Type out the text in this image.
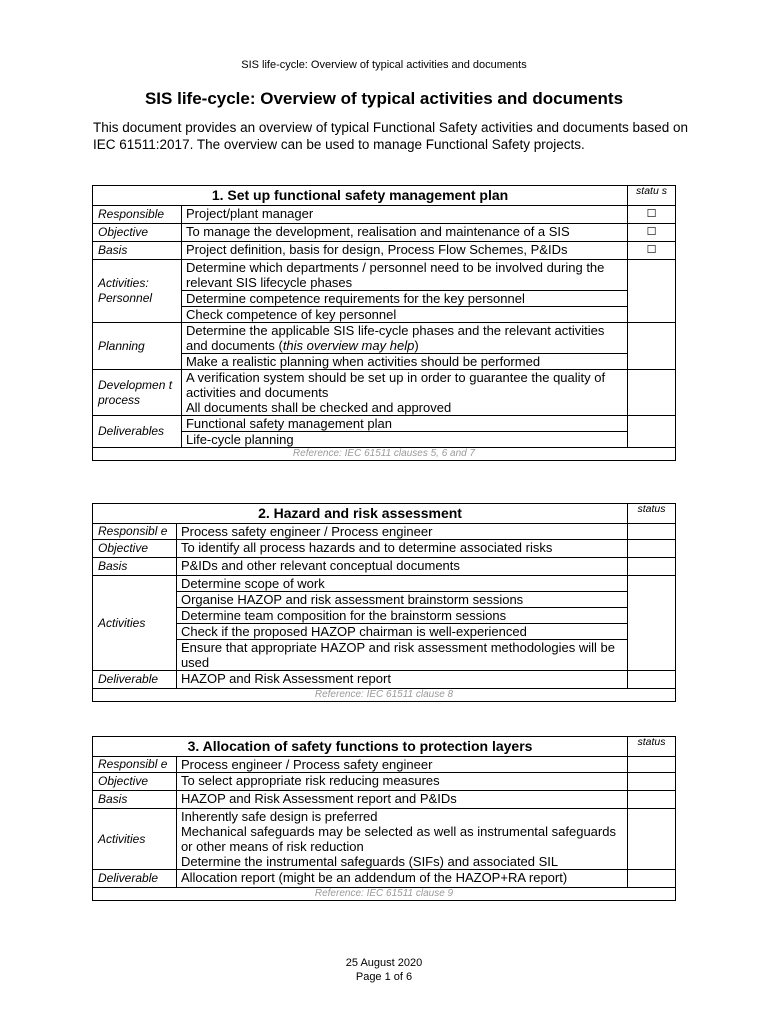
SIS life-cycle: Overview of typical activities and documents
SIS life-cycle: Overview of typical activities and documents
This document provides an overview of typical Functional Safety activities and documents based on IEC 61511:2017. The overview can be used to manage Functional Safety projects.
1. Set up functional safety management plan		statu s
Responsible	Project/plant manager	☐
Objective	To manage the development, realisation and maintenance of a SIS	☐
Basis	Project definition, basis for design, Process Flow Schemes, P&IDs	☐
Activities: Personnel	Determine which departments / personnel need to be involved during the relevant SIS lifecycle phases	
	Determine competence requirements for the key personnel	
	Check competence of key personnel	
Planning	Determine the applicable SIS life-cycle phases and the relevant activities and documents (this overview may help)	
	Make a realistic planning when activities should be performed	
Developmen t process	A verification system should be set up in order to guarantee the quality of activities and documents
All documents shall be checked and approved	

Deliverables	Functional safety management plan	
	Life-cycle planning	
Reference: IEC 61511 clauses 5, 6 and 7		
2. Hazard and risk assessment		status
Responsibl e	Process safety engineer / Process engineer	
Objective	To identify all process hazards and to determine associated risks	
Basis	P&IDs and other relevant conceptual documents	
Activities	Determine scope of work	
	Organise HAZOP and risk assessment brainstorm sessions	
	Determine team composition for the brainstorm sessions	
	Check if the proposed HAZOP chairman is well-experienced	
	Ensure that appropriate HAZOP and risk assessment methodologies will be used	
Deliverable	HAZOP and Risk Assessment report	
Reference: IEC 61511 clause 8		
3. Allocation of safety functions to protection layers		status
Responsibl e	Process engineer / Process safety engineer	
Objective	To select appropriate risk reducing measures	
Basis	HAZOP and Risk Assessment report and P&IDs	
Activities	Inherently safe design is preferred
Mechanical safeguards may be selected as well as instrumental safeguards or other means of risk reduction
Determine the instrumental safeguards (SIFs) and associated SIL	

Deliverable	Allocation report (might be an addendum of the HAZOP+RA report)	
Reference: IEC 61511 clause 9		
25 August 2020
Page 1 of 6
